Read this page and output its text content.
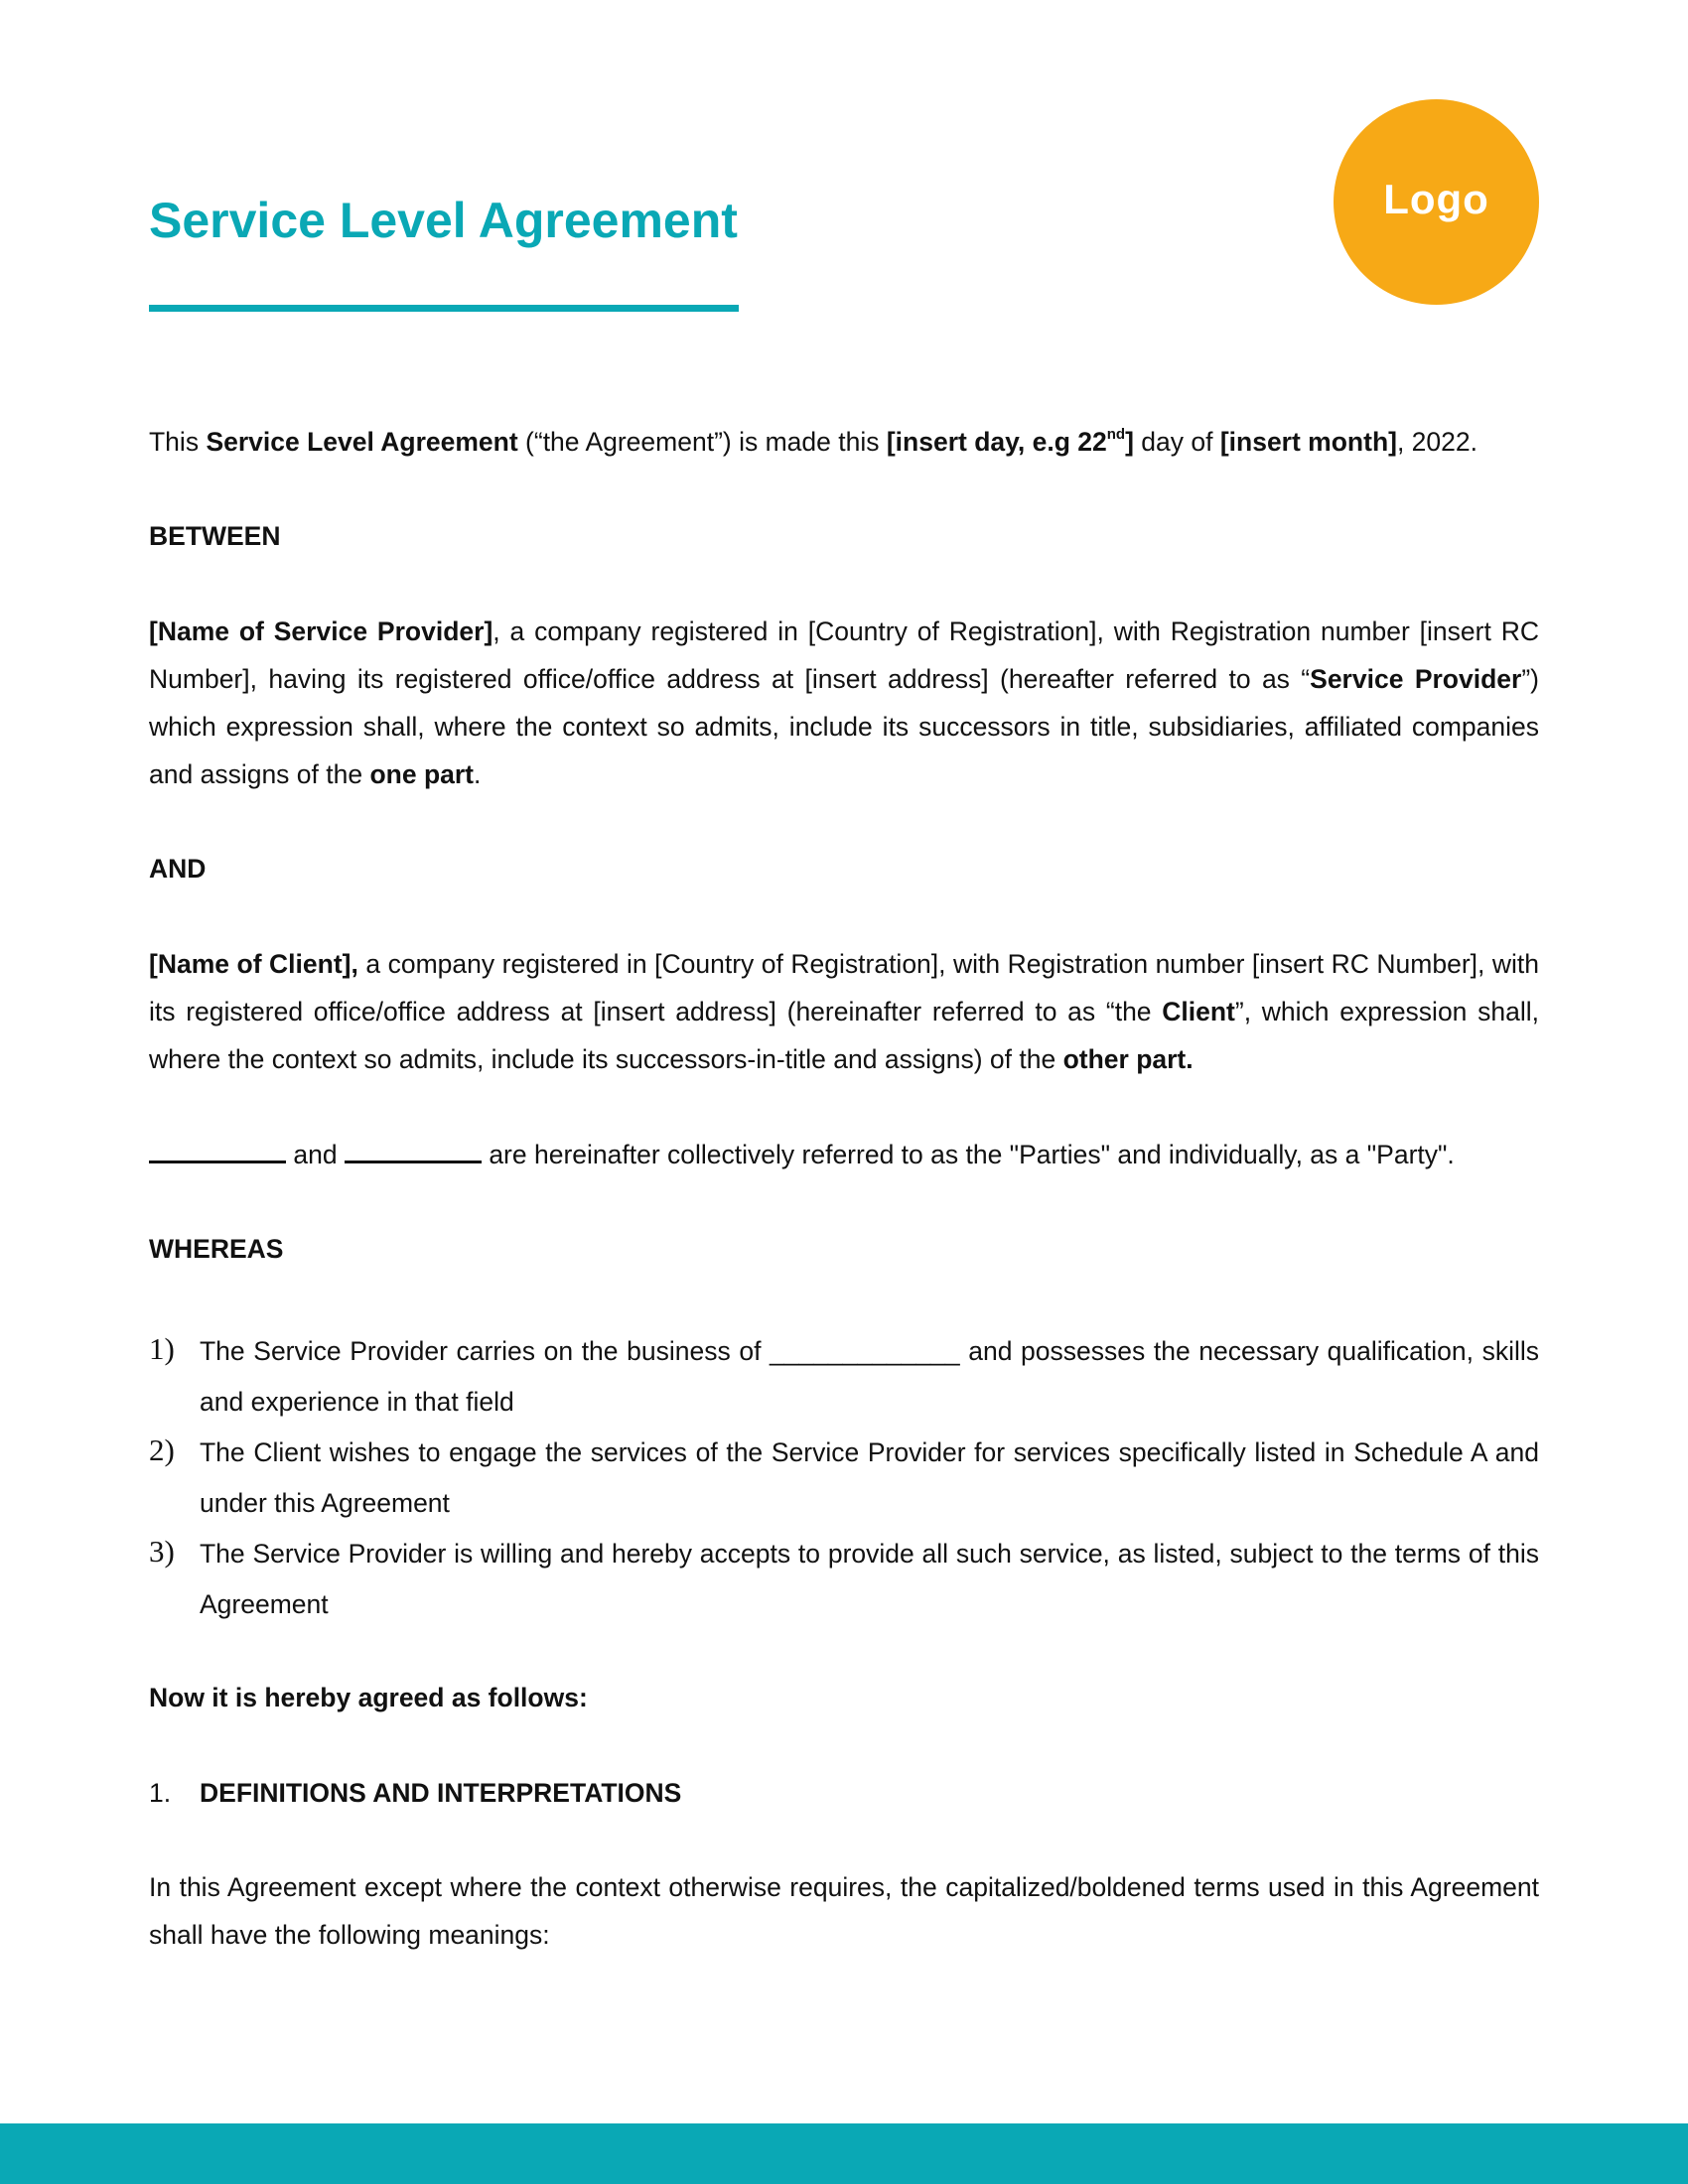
Service Level Agreement	Logo

This Service Level Agreement (“the Agreement”) is made this [insert day, e.g 22nd] day of [insert month], 2022.

BETWEEN

[Name of Service Provider], a company registered in [Country of Registration], with Registration number [insert RC Number], having its registered office/office address at [insert address] (hereafter referred to as “Service Provider”) which expression shall, where the context so admits, include its successors in title, subsidiaries, affiliated companies and assigns of the one part.

AND

[Name of Client], a company registered in [Country of Registration], with Registration number [insert RC Number], with its registered office/office address at [insert address] (hereinafter referred to as “the Client”, which expression shall, where the context so admits, include its successors-in-title and assigns) of the other part.

and	are hereinafter collectively referred to as the "Parties" and individually, as a "Party".

WHEREAS

1) The Service Provider carries on the business of _____________ and possesses the necessary qualification, skills and experience in that field
2) The Client wishes to engage the services of the Service Provider for services specifically listed in Schedule A and under this Agreement
3) The Service Provider is willing and hereby accepts to provide all such service, as listed, subject to the terms of this Agreement

Now it is hereby agreed as follows:

1. DEFINITIONS AND INTERPRETATIONS

In this Agreement except where the context otherwise requires, the capitalized/boldened terms used in this Agreement shall have the following meanings:
